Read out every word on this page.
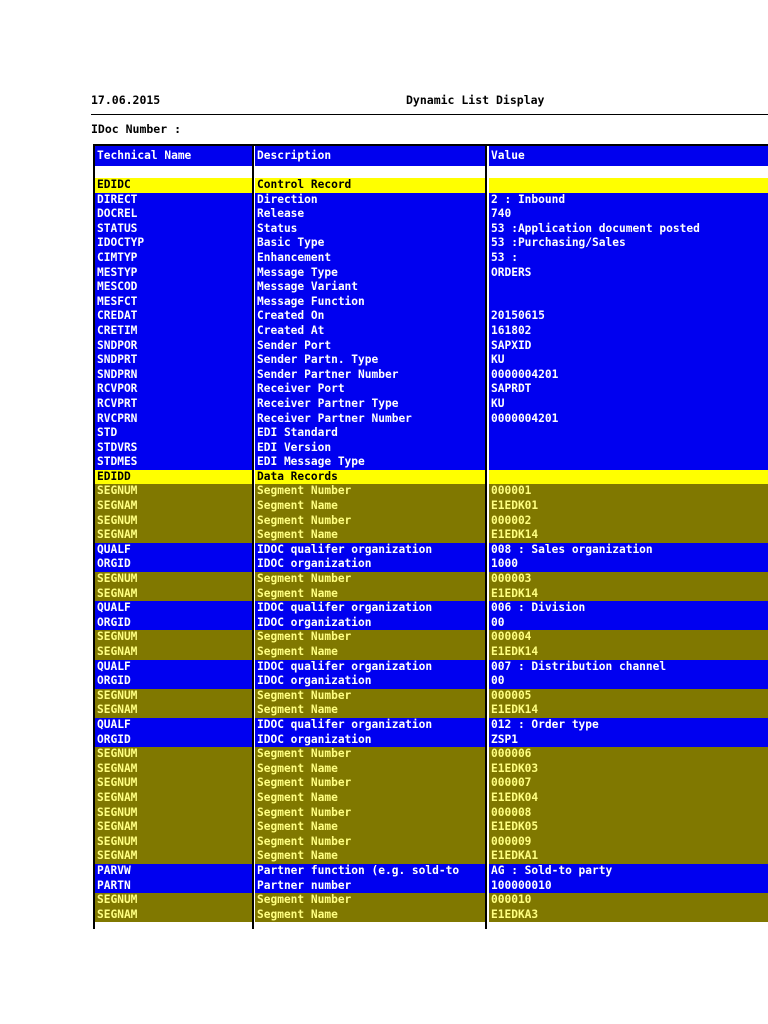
17.06.2015	Dynamic List Display
IDoc Number :
Technical Name	Description	Value
EDIDC	Control Record
DIRECT	Direction	2 : Inbound
DOCREL	Release	740
STATUS	Status	53 :Application document posted
IDOCTYP	Basic Type	53 :Purchasing/Sales
CIMTYP	Enhancement	53 :
MESTYP	Message Type	ORDERS
MESCOD	Message Variant
MESFCT	Message Function
CREDAT	Created On	20150615
CRETIM	Created At	161802
SNDPOR	Sender Port	SAPXID
SNDPRT	Sender Partn. Type	KU
SNDPRN	Sender Partner Number	0000004201
RCVPOR	Receiver Port	SAPRDT
RCVPRT	Receiver Partner Type	KU
RVCPRN	Receiver Partner Number	0000004201
STD	EDI Standard
STDVRS	EDI Version
STDMES	EDI Message Type
EDIDD	Data Records
SEGNUM	Segment Number	000001
SEGNAM	Segment Name	E1EDK01
SEGNUM	Segment Number	000002
SEGNAM	Segment Name	E1EDK14
QUALF	IDOC qualifer organization	008 : Sales organization
ORGID	IDOC organization	1000
SEGNUM	Segment Number	000003
SEGNAM	Segment Name	E1EDK14
QUALF	IDOC qualifer organization	006 : Division
ORGID	IDOC organization	00
SEGNUM	Segment Number	000004
SEGNAM	Segment Name	E1EDK14
QUALF	IDOC qualifer organization	007 : Distribution channel
ORGID	IDOC organization	00
SEGNUM	Segment Number	000005
SEGNAM	Segment Name	E1EDK14
QUALF	IDOC qualifer organization	012 : Order type
ORGID	IDOC organization	ZSP1
SEGNUM	Segment Number	000006
SEGNAM	Segment Name	E1EDK03
SEGNUM	Segment Number	000007
SEGNAM	Segment Name	E1EDK04
SEGNUM	Segment Number	000008
SEGNAM	Segment Name	E1EDK05
SEGNUM	Segment Number	000009
SEGNAM	Segment Name	E1EDKA1
PARVW	Partner function (e.g. sold-to	AG : Sold-to party
PARTN	Partner number	100000010
SEGNUM	Segment Number	000010
SEGNAM	Segment Name	E1EDKA3
